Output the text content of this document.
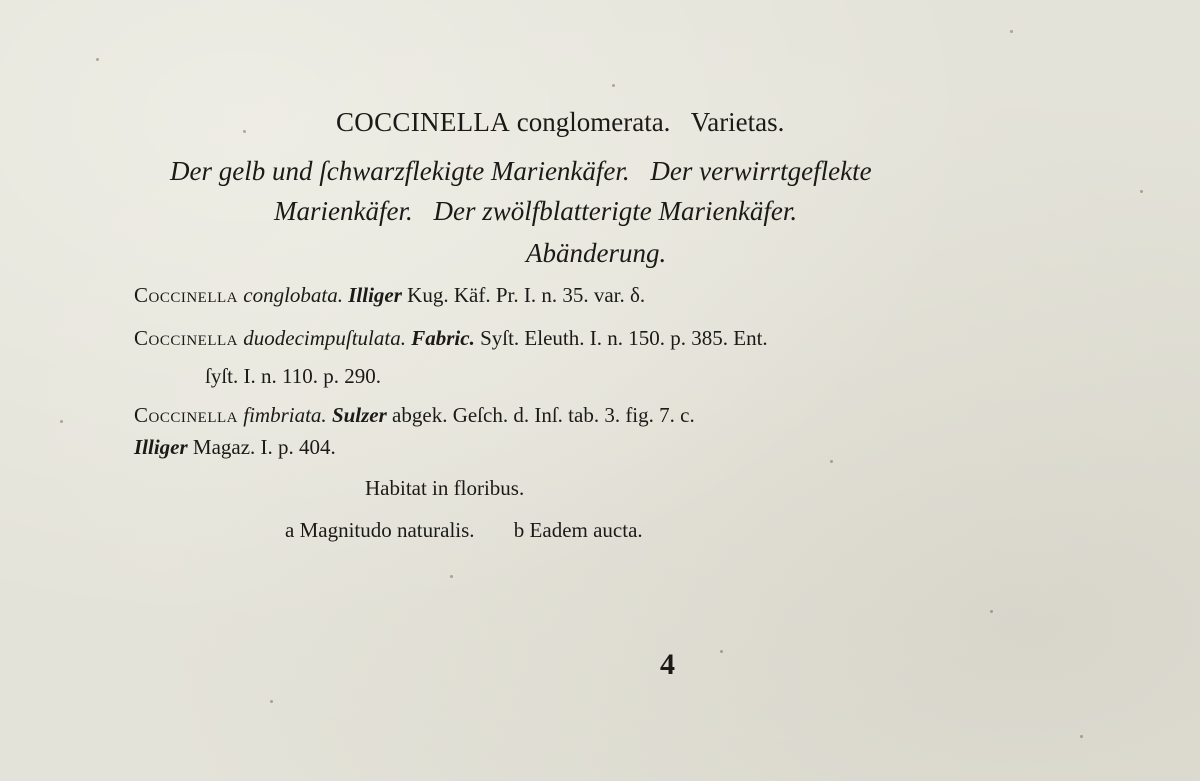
COCCINELLA conglomerata. Varietas.
Der gelb und ſchwarzflekigte Marienkäfer. Der verwirrtgeflekte
Marienkäfer. Der zwölfblatterigte Marienkäfer.
Abänderung.
Coccinella conglobata. Illiger Kug. Käf. Pr. I. n. 35. var. δ.
Coccinella duodecimpuſtulata. Fabric. Syſt. Eleuth. I. n. 150. p. 385. Ent.
ſyſt. I. n. 110. p. 290.
Coccinella fimbriata. Sulzer abgek. Geſch. d. Inſ. tab. 3. fig. 7. c.
Illiger Magaz. I. p. 404.
Habitat in floribus.
a Magnitudo naturalis. b Eadem aucta.
4
